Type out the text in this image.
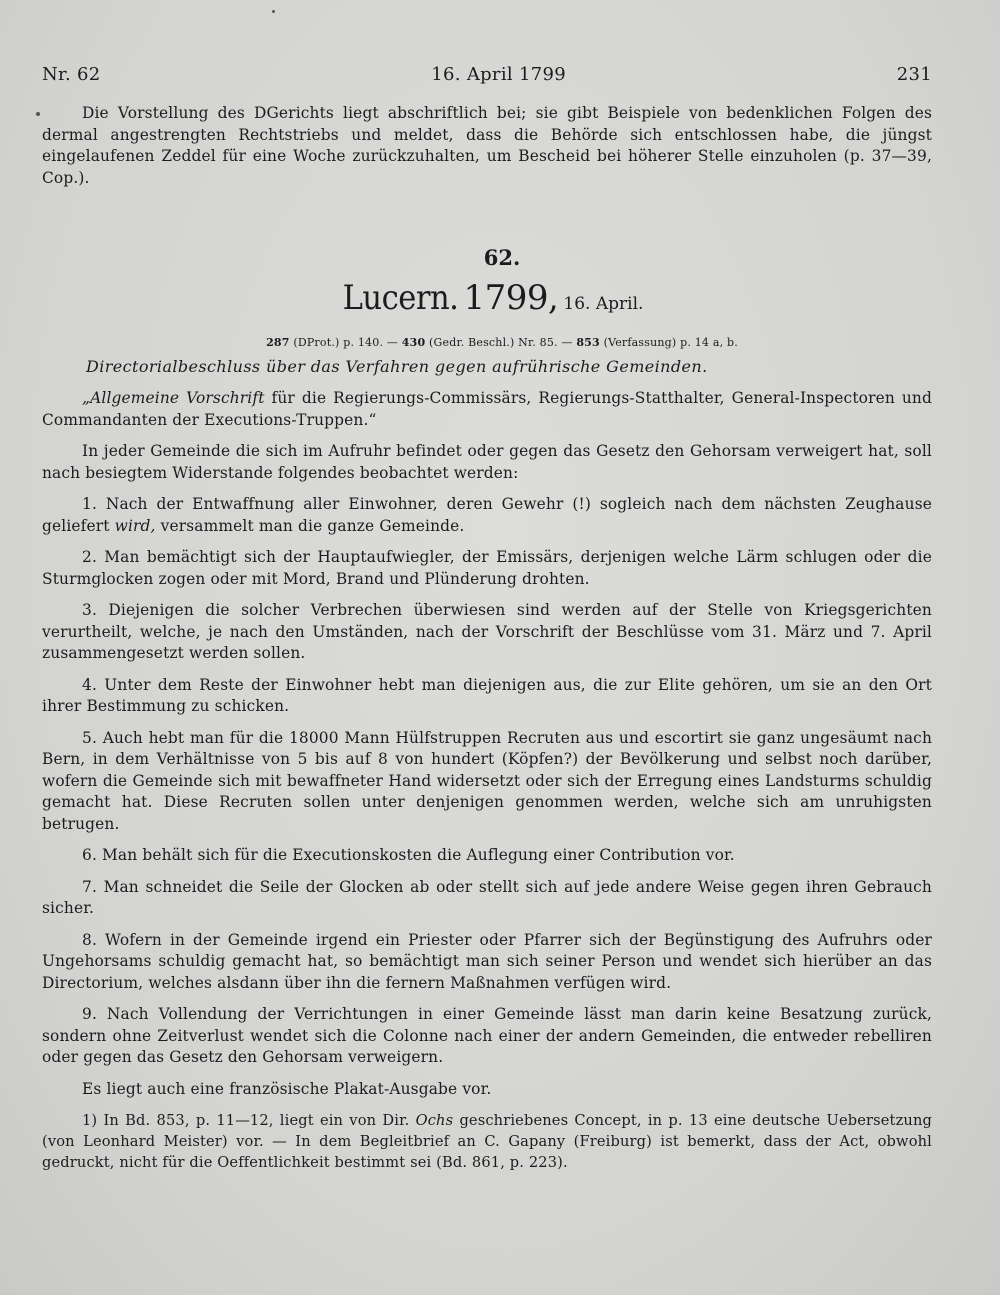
Nr. 62	16. April 1799	231

Die Vorstellung des DGerichts liegt abschriftlich bei; sie gibt Beispiele von bedenklichen Folgen des dermal angestrengten Rechtstriebs und meldet, dass die Behörde sich entschlossen habe, die jüngst eingelaufenen Zeddel für eine Woche zurückzuhalten, um Bescheid bei höherer Stelle einzuholen (p. 37—39, Cop.).

62.
Lucern. 1799, 16. April.
287 (DProt.) p. 140. — 430 (Gedr. Beschl.) Nr. 85. — 853 (Verfassung) p. 14 a, b.
Directorialbeschluss über das Verfahren gegen aufrührische Gemeinden.

„Allgemeine Vorschrift für die Regierungs-Commissärs, Regierungs-Statthalter, General-Inspectoren und Commandanten der Executions-Truppen.“

In jeder Gemeinde die sich im Aufruhr befindet oder gegen das Gesetz den Gehorsam verweigert hat, soll nach besiegtem Widerstande folgendes beobachtet werden:

1. Nach der Entwaffnung aller Einwohner, deren Gewehr (!) sogleich nach dem nächsten Zeughause geliefert wird, versammelt man die ganze Gemeinde.

2. Man bemächtigt sich der Hauptaufwiegler, der Emissärs, derjenigen welche Lärm schlugen oder die Sturmglocken zogen oder mit Mord, Brand und Plünderung drohten.

3. Diejenigen die solcher Verbrechen überwiesen sind werden auf der Stelle von Kriegsgerichten verurtheilt, welche, je nach den Umständen, nach der Vorschrift der Beschlüsse vom 31. März und 7. April zusammengesetzt werden sollen.

4. Unter dem Reste der Einwohner hebt man diejenigen aus, die zur Elite gehören, um sie an den Ort ihrer Bestimmung zu schicken.

5. Auch hebt man für die 18000 Mann Hülfstruppen Recruten aus und escortirt sie ganz ungesäumt nach Bern, in dem Verhältnisse von 5 bis auf 8 von hundert (Köpfen?) der Bevölkerung und selbst noch darüber, wofern die Gemeinde sich mit bewaffneter Hand widersetzt oder sich der Erregung eines Landsturms schuldig gemacht hat. Diese Recruten sollen unter denjenigen genommen werden, welche sich am unruhigsten betrugen.

6. Man behält sich für die Executionskosten die Auflegung einer Contribution vor.

7. Man schneidet die Seile der Glocken ab oder stellt sich auf jede andere Weise gegen ihren Gebrauch sicher.

8. Wofern in der Gemeinde irgend ein Priester oder Pfarrer sich der Begünstigung des Aufruhrs oder Ungehorsams schuldig gemacht hat, so bemächtigt man sich seiner Person und wendet sich hierüber an das Directorium, welches alsdann über ihn die fernern Maßnahmen verfügen wird.

9. Nach Vollendung der Verrichtungen in einer Gemeinde lässt man darin keine Besatzung zurück, sondern ohne Zeitverlust wendet sich die Colonne nach einer der andern Gemeinden, die entweder rebelliren oder gegen das Gesetz den Gehorsam verweigern.

Es liegt auch eine französische Plakat-Ausgabe vor.

1) In Bd. 853, p. 11—12, liegt ein von Dir. Ochs geschriebenes Concept, in p. 13 eine deutsche Uebersetzung (von Leonhard Meister) vor. — In dem Begleitbrief an C. Gapany (Freiburg) ist bemerkt, dass der Act, obwohl gedruckt, nicht für die Oeffentlichkeit bestimmt sei (Bd. 861, p. 223).
